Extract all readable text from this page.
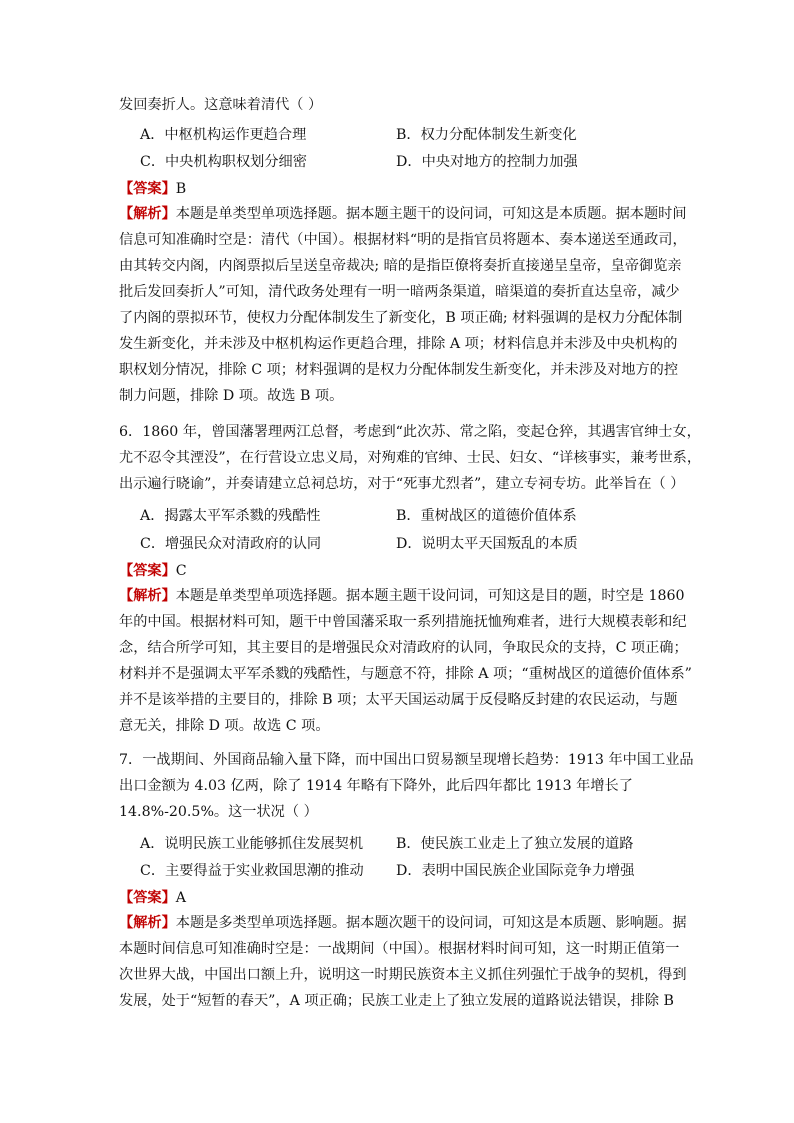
发回奏折人。这意味着清代（ ）
A．中枢机构运作更趋合理	B．权力分配体制发生新变化
C．中央机构职权划分细密	D．中央对地方的控制力加强
【答案】B
【解析】本题是单类型单项选择题。据本题主题干的设问词，可知这是本质题。据本题时间
信息可知准确时空是：清代（中国）。根据材料“明的是指官员将题本、奏本递送至通政司，
由其转交内阁，内阁票拟后呈送皇帝裁决; 暗的是指臣僚将奏折直接递呈皇帝，皇帝御览亲
批后发回奏折人”可知，清代政务处理有一明一暗两条渠道，暗渠道的奏折直达皇帝，减少
了内阁的票拟环节，使权力分配体制发生了新变化，B 项正确; 材料强调的是权力分配体制
发生新变化，并未涉及中枢机构运作更趋合理，排除 A 项；材料信息并未涉及中央机构的
职权划分情况，排除 C 项；材料强调的是权力分配体制发生新变化，并未涉及对地方的控
制力问题，排除 D 项。故选 B 项。
6．1860 年，曾国藩署理两江总督，考虑到“此次苏、常之陷，变起仓猝，其遇害官绅士女，
尤不忍令其湮没”，在行营设立忠义局，对殉难的官绅、士民、妇女、“详核事实，兼考世系，
出示遍行晓谕”，并奏请建立总祠总坊，对于“死事尤烈者”，建立专祠专坊。此举旨在（ ）
A．揭露太平军杀戮的残酷性	B．重树战区的道德价值体系
C．增强民众对清政府的认同	D．说明太平天国叛乱的本质
【答案】C
【解析】本题是单类型单项选择题。据本题主题干设问词，可知这是目的题，时空是 1860
年的中国。根据材料可知，题干中曾国藩采取一系列措施抚恤殉难者，进行大规模表彰和纪
念，结合所学可知，其主要目的是增强民众对清政府的认同，争取民众的支持，C 项正确；
材料并不是强调太平军杀戮的残酷性，与题意不符，排除 A 项；“重树战区的道德价值体系”
并不是该举措的主要目的，排除 B 项；太平天国运动属于反侵略反封建的农民运动，与题
意无关，排除 D 项。故选 C 项。
7．一战期间、外国商品输入量下降，而中国出口贸易额呈现增长趋势：1913 年中国工业品
出口金额为 4.03 亿两，除了 1914 年略有下降外，此后四年都比 1913 年增长了
14.8%-20.5%。这一状况（ ）
A．说明民族工业能够抓住发展契机 B．使民族工业走上了独立发展的道路
C．主要得益于实业救国思潮的推动 D．表明中国民族企业国际竞争力增强
【答案】A
【解析】本题是多类型单项选择题。据本题次题干的设问词，可知这是本质题、影响题。据
本题时间信息可知准确时空是：一战期间（中国）。根据材料时间可知，这一时期正值第一
次世界大战，中国出口额上升，说明这一时期民族资本主义抓住列强忙于战争的契机，得到
发展，处于“短暂的春天”，A 项正确；民族工业走上了独立发展的道路说法错误，排除 B
